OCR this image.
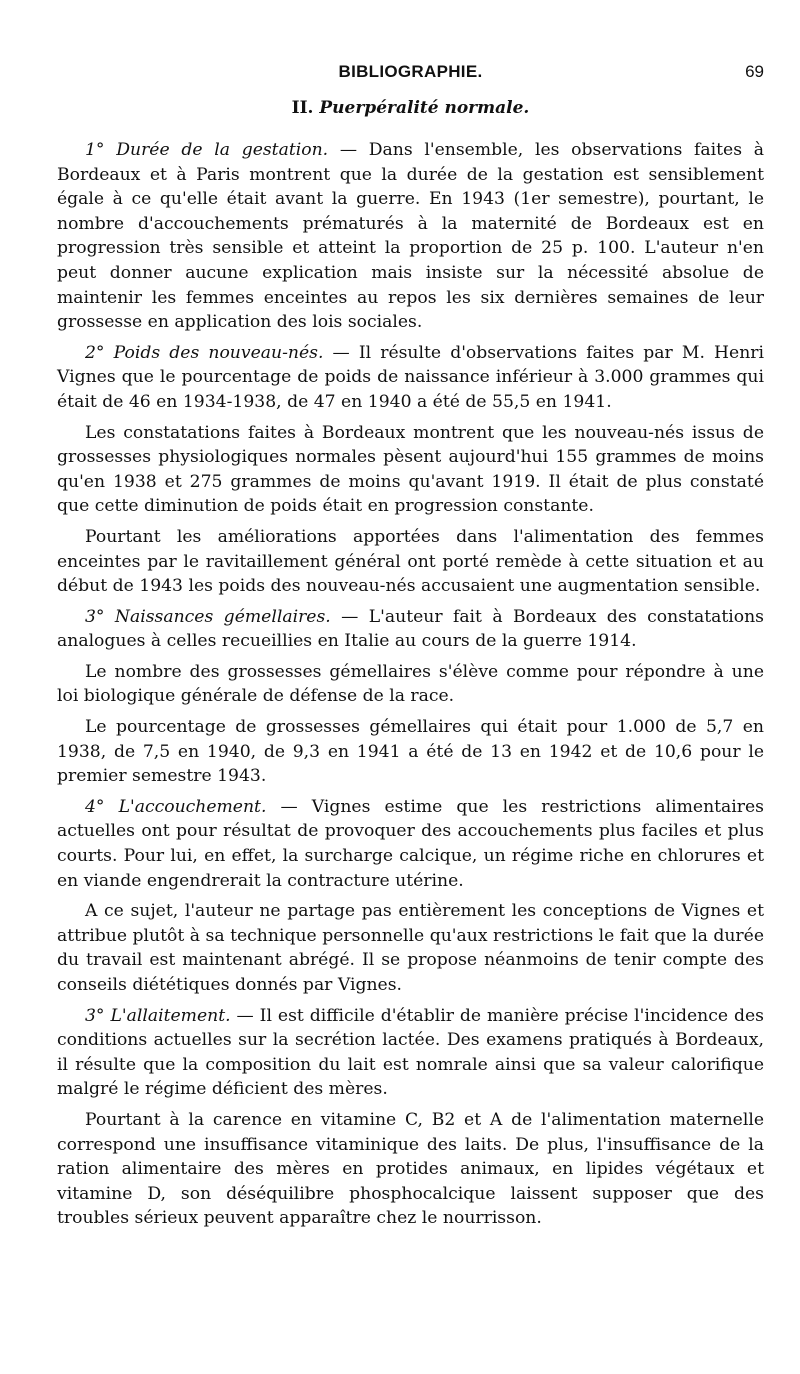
BIBLIOGRAPHIE.	69
II. Puerpéralité normale.

1° Durée de la gestation. — Dans l'ensemble, les observations faites à Bordeaux et à Paris montrent que la durée de la gestation est sensiblement égale à ce qu'elle était avant la guerre. En 1943 (1er semestre), pourtant, le nombre d'accouchements prématurés à la maternité de Bordeaux est en progression très sensible et atteint la proportion de 25 p. 100. L'auteur n'en peut donner aucune explication mais insiste sur la nécessité absolue de maintenir les femmes enceintes au repos les six dernières semaines de leur grossesse en application des lois sociales.

2° Poids des nouveau-nés. — Il résulte d'observations faites par M. Henri Vignes que le pourcentage de poids de naissance inférieur à 3.000 grammes qui était de 46 en 1934-1938, de 47 en 1940 a été de 55,5 en 1941.

Les constatations faites à Bordeaux montrent que les nouveau-nés issus de grossesses physiologiques normales pèsent aujourd'hui 155 grammes de moins qu'en 1938 et 275 grammes de moins qu'avant 1919. Il était de plus constaté que cette diminution de poids était en progression constante.

Pourtant les améliorations apportées dans l'alimentation des femmes enceintes par le ravitaillement général ont porté remède à cette situation et au début de 1943 les poids des nouveau-nés accusaient une augmentation sensible.

3° Naissances gémellaires. — L'auteur fait à Bordeaux des constatations analogues à celles recueillies en Italie au cours de la guerre 1914.

Le nombre des grossesses gémellaires s'élève comme pour répondre à une loi biologique générale de défense de la race.

Le pourcentage de grossesses gémellaires qui était pour 1.000 de 5,7 en 1938, de 7,5 en 1940, de 9,3 en 1941 a été de 13 en 1942 et de 10,6 pour le premier semestre 1943.

4° L'accouchement. — Vignes estime que les restrictions alimentaires actuelles ont pour résultat de provoquer des accouchements plus faciles et plus courts. Pour lui, en effet, la surcharge calcique, un régime riche en chlorures et en viande engendrerait la contracture utérine.

A ce sujet, l'auteur ne partage pas entièrement les conceptions de Vignes et attribue plutôt à sa technique personnelle qu'aux restrictions le fait que la durée du travail est maintenant abrégé. Il se propose néanmoins de tenir compte des conseils diététiques donnés par Vignes.

3° L'allaitement. — Il est difficile d'établir de manière précise l'incidence des conditions actuelles sur la secrétion lactée. Des examens pratiqués à Bordeaux, il résulte que la composition du lait est nomrale ainsi que sa valeur calorifique malgré le régime déficient des mères.

Pourtant à la carence en vitamine C, B2 et A de l'alimentation maternelle correspond une insuffisance vitaminique des laits. De plus, l'insuffisance de la ration alimentaire des mères en protides animaux, en lipides végétaux et vitamine D, son déséquilibre phosphocalcique laissent supposer que des troubles sérieux peuvent apparaître chez le nourrisson.
